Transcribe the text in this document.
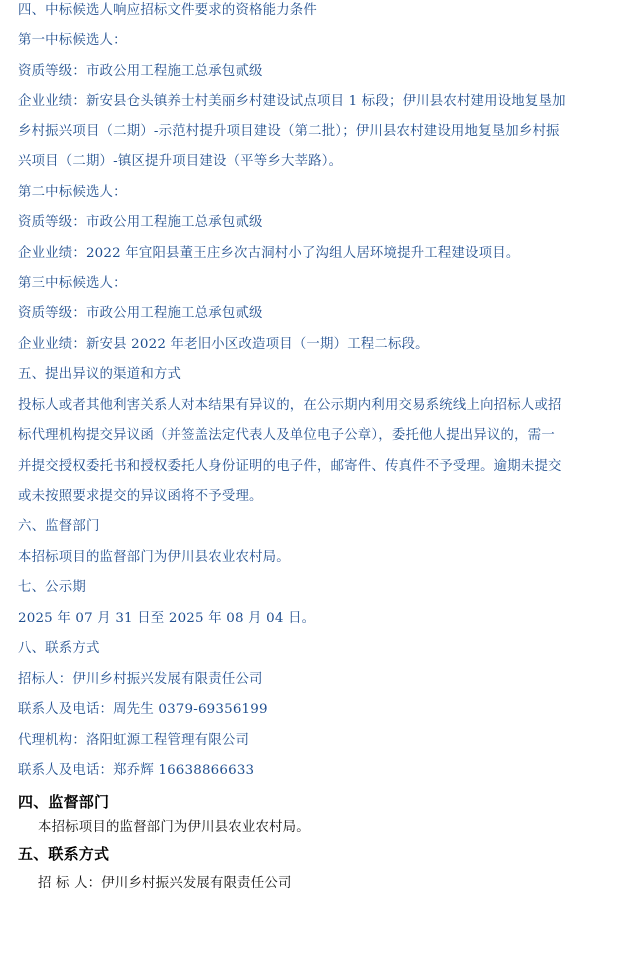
四、中标候选人响应招标文件要求的资格能力条件
第一中标候选人：
资质等级：市政公用工程施工总承包贰级
企业业绩：新安县仓头镇养士村美丽乡村建设试点项目 1 标段；伊川县农村建用设地复垦加
乡村振兴项目（二期）-示范村提升项目建设（第二批）；伊川县农村建设用地复垦加乡村振
兴项目（二期）-镇区提升项目建设（平等乡大莘路）。
第二中标候选人：
资质等级：市政公用工程施工总承包贰级
企业业绩：2022 年宜阳县董王庄乡次古洞村小了沟组人居环境提升工程建设项目。
第三中标候选人：
资质等级：市政公用工程施工总承包贰级
企业业绩：新安县 2022 年老旧小区改造项目（一期）工程二标段。
五、提出异议的渠道和方式
投标人或者其他利害关系人对本结果有异议的，在公示期内利用交易系统线上向招标人或招
标代理机构提交异议函（并签盖法定代表人及单位电子公章），委托他人提出异议的，需一
并提交授权委托书和授权委托人身份证明的电子件，邮寄件、传真件不予受理。逾期未提交
或未按照要求提交的异议函将不予受理。
六、监督部门
本招标项目的监督部门为伊川县农业农村局。
七、公示期
2025 年 07 月 31 日至 2025 年 08 月 04 日。
八、联系方式
招标人：伊川乡村振兴发展有限责任公司
联系人及电话：周先生 0379-69356199
代理机构：洛阳虹源工程管理有限公司
联系人及电话：郑乔辉 16638866633
四、监督部门
本招标项目的监督部门为伊川县农业农村局。
五、联系方式
招 标 人：伊川乡村振兴发展有限责任公司
